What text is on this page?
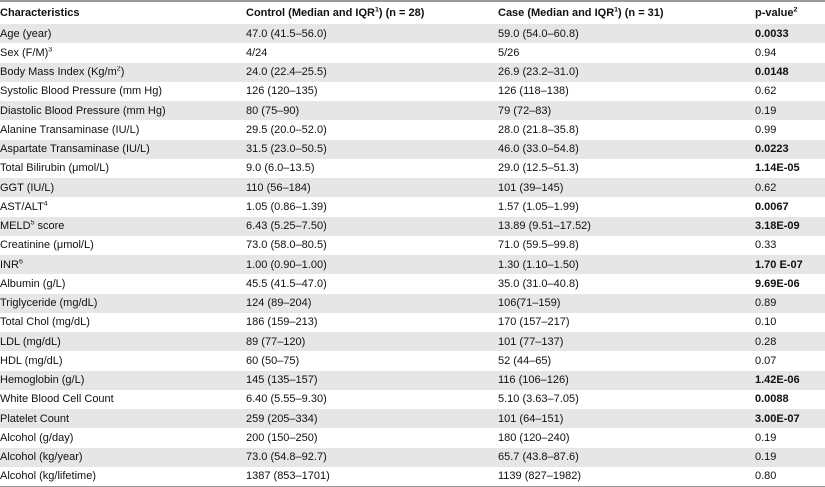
Characteristics	Control (Median and IQR$^1$) (n = 28)	Case (Median and IQR$^1$) (n = 31)	p-value$^2$
Age (year)	47.0 (41.5–56.0)	59.0 (54.0–60.8)	0.0033
Sex $(F/M)^3$	4/24	5/26	0.94
Body Mass Index $(Kg/m^2)$	24.0 (22.4–25.5)	26.9 (23.2–31.0)	0.0148
Systolic Blood Pressure (mm Hg)	126 (120–135)	126 (118–138)	0.62
Diastolic Blood Pressure (mm Hg)	80 (75–90)	79 (72–83)	0.19
Alanine Transaminase (IU/L)	29.5 (20.0–52.0)	28.0 (21.8–35.8)	0.99
Aspartate Transaminase (IU/L)	31.5 (23.0–50.5)	46.0 (33.0–54.8)	0.0223
Total Bilirubin (μmol/L)	9.0 (6.0–13.5)	29.0 (12.5–51.3)	1.14E-05
GGT (IU/L)	110 (56–184)	101 (39–145)	0.62
AST/ALT$^4$	1.05 (0.86–1.39)	1.57 (1.05–1.99)	0.0067
MELD$^5$ score	6.43 (5.25–7.50)	13.89 (9.51–17.52)	3.18E-09
Creatinine (μmol/L)	73.0 (58.0–80.5)	71.0 (59.5–99.8)	0.33
INR$^6$	1.00 (0.90–1.00)	1.30 (1.10–1.50)	1.70 E-07
Albumin (g/L)	45.5 (41.5–47.0)	35.0 (31.0–40.8)	9.69E-06
Triglyceride (mg/dL)	124 (89–204)	106(71–159)	0.89
Total Chol (mg/dL)	186 (159–213)	170 (157–217)	0.10
LDL (mg/dL)	89 (77–120)	101 (77–137)	0.28
HDL (mg/dL)	60 (50–75)	52 (44–65)	0.07
Hemoglobin (g/L)	145 (135–157)	116 (106–126)	1.42E-06
White Blood Cell Count	6.40 (5.55–9.30)	5.10 (3.63–7.05)	0.0088
Platelet Count	259 (205–334)	101 (64–151)	3.00E-07
Alcohol (g/day)	200 (150–250)	180 (120–240)	0.19
Alcohol (kg/year)	73.0 (54.8–92.7)	65.7 (43.8–87.6)	0.19
Alcohol (kg/lifetime)	1387 (853–1701)	1139 (827–1982)	0.80
